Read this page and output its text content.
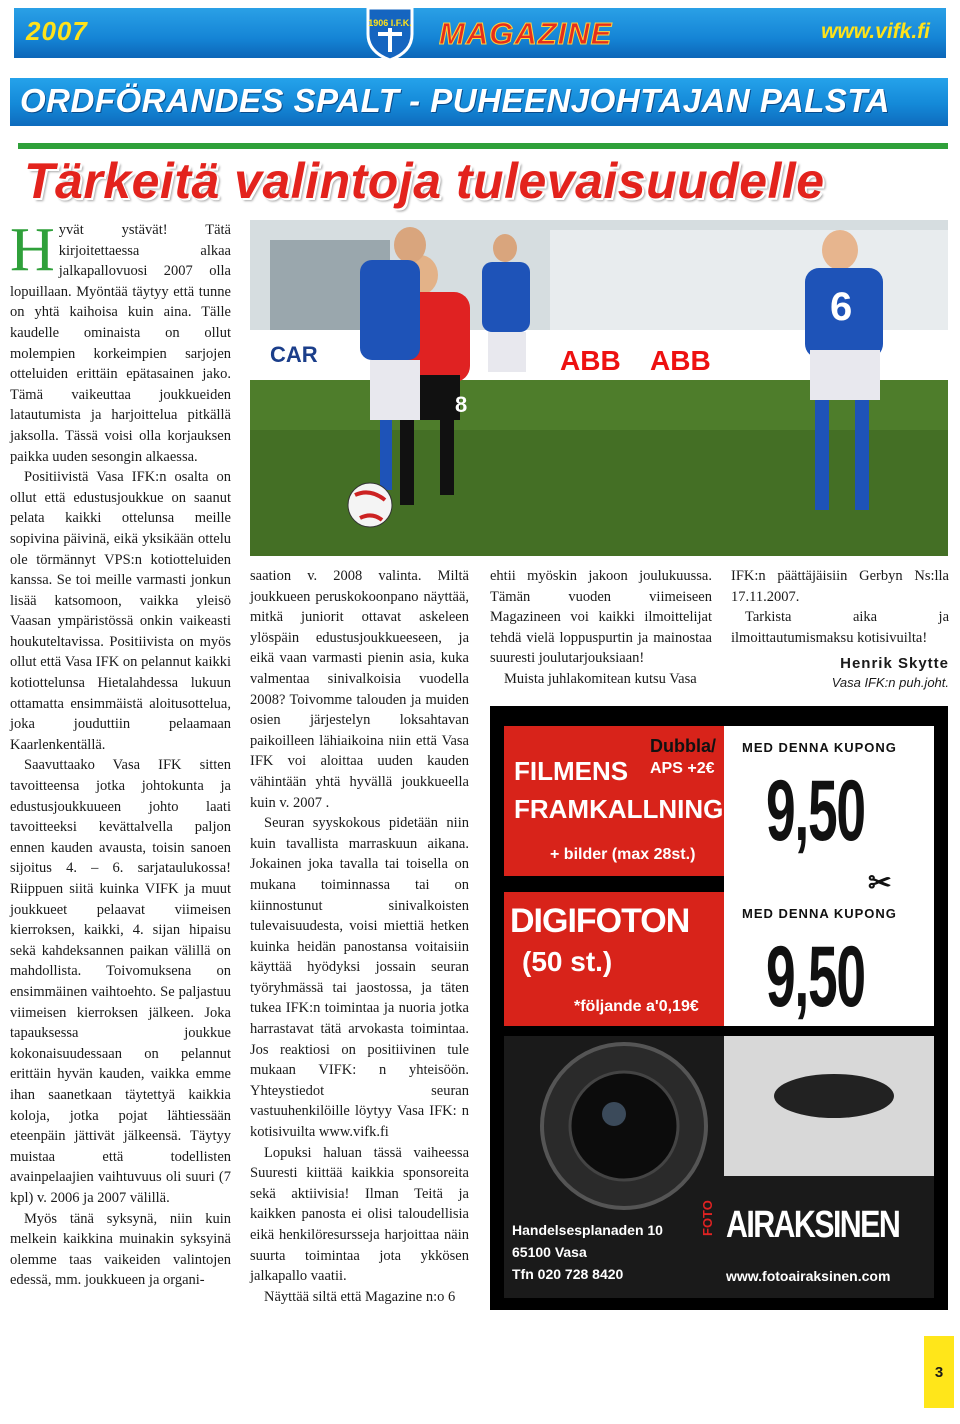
2007	MAGAZINE	www.vifk.fi
1906 I.F.K.
ORDFÖRANDES SPALT - PUHEENJOHTAJAN PALSTA
Tärkeitä valintoja tulevaisuudelle

Hyvät ystävät! Tätä kirjoitettaessa alkaa jalkapallovuosi 2007 olla lopuillaan. Myöntää täytyy että tunne on yhtä kaihoisa kuin aina. Tälle kaudelle ominaista on ollut molempien korkeimpien sarjojen otteluiden erittäin epätasainen jako. Tämä vaikeuttaa joukkueiden latautumista ja harjoittelua pitkällä jaksolla. Tässä voisi olla korjauksen paikka uuden sesongin alkaessa.

Positiivistä Vasa IFK:n osalta on ollut että edustusjoukkue on saanut pelata kaikki ottelunsa meille sopivina päivinä, eikä yksikään ottelu ole törmännyt VPS:n kotiotteluiden kanssa. Se toi meille varmasti jonkun lisää katsomoon, vaikka yleisö Vaasan ympäristössä onkin vaikeasti houkuteltavissa. Positiivista on myös ollut että Vasa IFK on pelannut kaikki kotiottelunsa Hietalahdessa lukuun ottamatta ensimmäistä aloitusottelua, joka jouduttiin pelaamaan Kaarlenkentällä.

Saavuttaako Vasa IFK sitten tavoitteensa jotka johtokunta ja edustusjoukkuueen johto laati tavoitteeksi kevättalvella paljon ennen kauden avausta, toisin sanoen sijoitus 4. – 6. sarjataulukossa! Riippuen siitä kuinka VIFK ja muut joukkueet pelaavat viimeisen kierroksen, kaikki, 4. sijan hipaisu sekä kahdeksannen paikan välillä on mahdollista. Toivomuksena on ensimmäinen vaihtoehto. Se paljastuu viimeisen kierroksen jälkeen. Joka tapauksessa joukkue kokonaisuudessaan on pelannut erittäin hyvän kauden, vaikka emme ihan saanetkaan täytettyä kaikkia koloja, jotka pojat lähtiessään eteenpäin jättivät jälkeensä. Täytyy muistaa että todellisten avainpelaajien vaihtuvuus oli suuri (7 kpl) v. 2006 ja 2007 välillä.

Myös tänä syksynä, niin kuin melkein kaikkina muinakin syksyinä olemme taas vaikeiden valintojen edessä, mm. joukkueen ja organi-

CAR	ABB ABB
6
8

saation v. 2008 valinta. Miltä joukkueen peruskokoonpano näyttää, mitkä juniorit ottavat askeleen ylöspäin edustusjoukkueeseen, ja eikä vaan varmasti pienin asia, kuka valmentaa sinivalkoisia vuodella 2008? Toivomme talouden ja muiden osien järjestelyn loksahtavan paikoilleen lähiaikoina niin että Vasa IFK voi aloittaa uuden kauden vähintään yhtä hyvällä joukkueella kuin v. 2007 .

Seuran syyskokous pidetään niin kuin tavallista marraskuun aikana. Jokainen joka tavalla tai toisella on mukana toiminnassa tai on kiinnostunut sinivalkoisten tulevaisuudesta, voisi miettiä hetken kuinka heidän panostansa voitaisiin käyttää hyödyksi jossain seuran työryhmässä tai jaostossa, ja täten tukea IFK:n toimintaa ja nuoria jotka harrastavat tätä arvokasta toimintaa. Jos reaktiosi on positiivinen tule mukaan VIFK: n yhteisöön. Yhteystiedot seuran vastuuhenkilöille löytyy Vasa IFK: n kotisivuilta www.vifk.fi

Lopuksi haluan tässä vaiheessa Suuresti kiittää kaikkia sponsoreita sekä aktiivisia! Ilman Teitä ja kaikken panosta ei olisi taloudellisia eikä henkilöresursseja harjoittaa näin suurta toimintaa jota ykkösen jalkapallo vaatii.

Näyttää siltä että Magazine n:o 6

ehtii myöskin jakoon joulukuussa. Tämän vuoden viimeiseen Magazineen voi kaikki ilmoittelijat tehdä vielä loppuspurtin ja mainostaa suuresti joulutarjouksiaan!

Muista juhlakomitean kutsu Vasa

IFK:n päättäjäisiin Gerbyn Ns:lla 17.11.2007.

Tarkista aika ja ilmoittautumismaksu kotisivuilta!

Henrik Skytte

Vasa IFK:n puh.joht.

Dubbla/
APS +2€
FILMENS
FRAMKALLNING
+ bilder (max 28st.)
DIGIFOTON
(50 st.)
*följande a'0,19€
MED DENNA KUPONG
9,50
✂
MED DENNA KUPONG
9,50
Handelsesplanaden 10
65100 Vasa
Tfn 020 728 8420
FOTO AIRAKSINEN
www.fotoairaksinen.com
3
